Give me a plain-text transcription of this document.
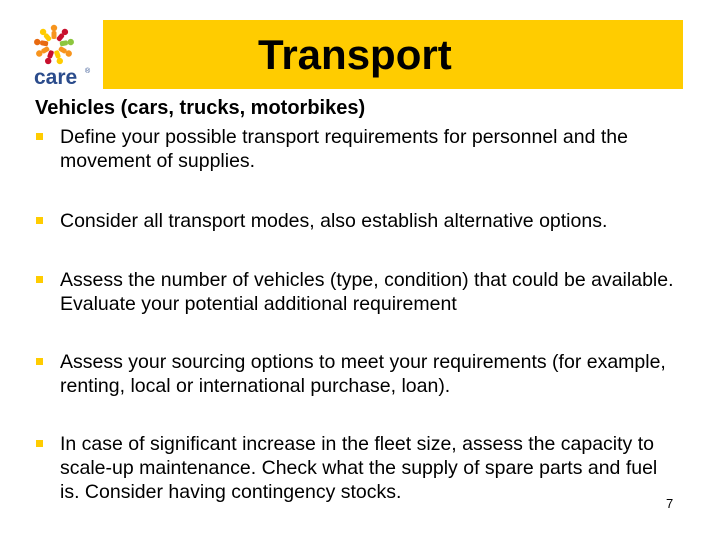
care ®	Transport

Vehicles (cars, trucks, motorbikes)

Define your possible transport requirements for personnel and the movement of supplies.
Consider all transport modes, also establish alternative options.
Assess the number of vehicles (type, condition) that could be available. Evaluate your potential additional requirement
Assess your sourcing options to meet your requirements (for example, renting, local or international purchase, loan).
In case of significant increase in the fleet size, assess the capacity to scale-up maintenance. Check what the supply of spare parts and fuel is. Consider having contingency stocks.
7
